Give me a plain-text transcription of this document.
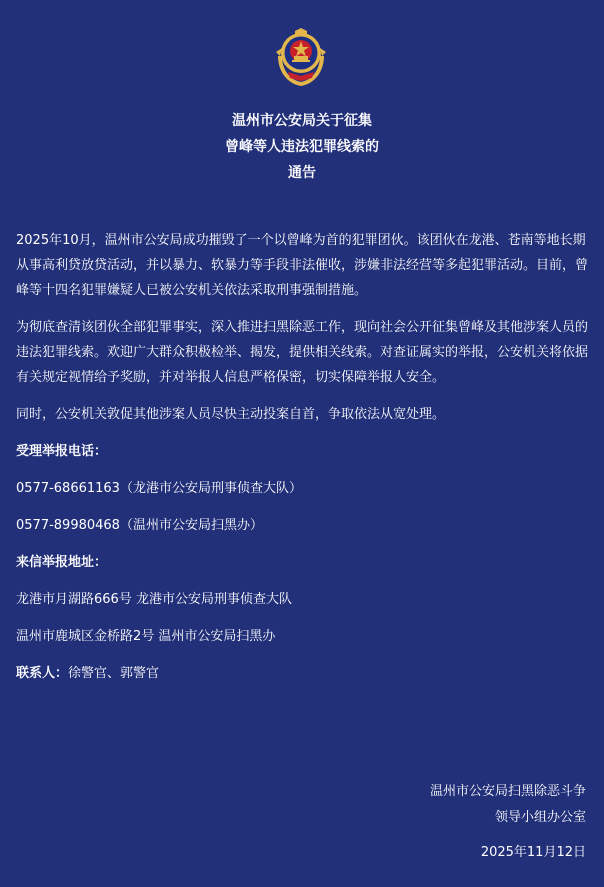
温州市公安局关于征集
曾峰等人违法犯罪线索的
通告

2025年10月，温州市公安局成功摧毁了一个以曾峰为首的犯罪团伙。该团伙在龙港、苍南等地长期从事高利贷放贷活动，并以暴力、软暴力等手段非法催收，涉嫌非法经营等多起犯罪活动。目前，曾峰等十四名犯罪嫌疑人已被公安机关依法采取刑事强制措施。

为彻底查清该团伙全部犯罪事实，深入推进扫黑除恶工作，现向社会公开征集曾峰及其他涉案人员的违法犯罪线索。欢迎广大群众积极检举、揭发，提供相关线索。对查证属实的举报，公安机关将依据有关规定视情给予奖励，并对举报人信息严格保密，切实保障举报人安全。

同时，公安机关敦促其他涉案人员尽快主动投案自首，争取依法从宽处理。

受理举报电话：

0577-68661163（龙港市公安局刑事侦查大队）

0577-89980468（温州市公安局扫黑办）

来信举报地址：

龙港市月湖路666号 龙港市公安局刑事侦查大队

温州市鹿城区金桥路2号 温州市公安局扫黑办

联系人：徐警官、郭警官

温州市公安局扫黑除恶斗争
领导小组办公室
2025年11月12日
